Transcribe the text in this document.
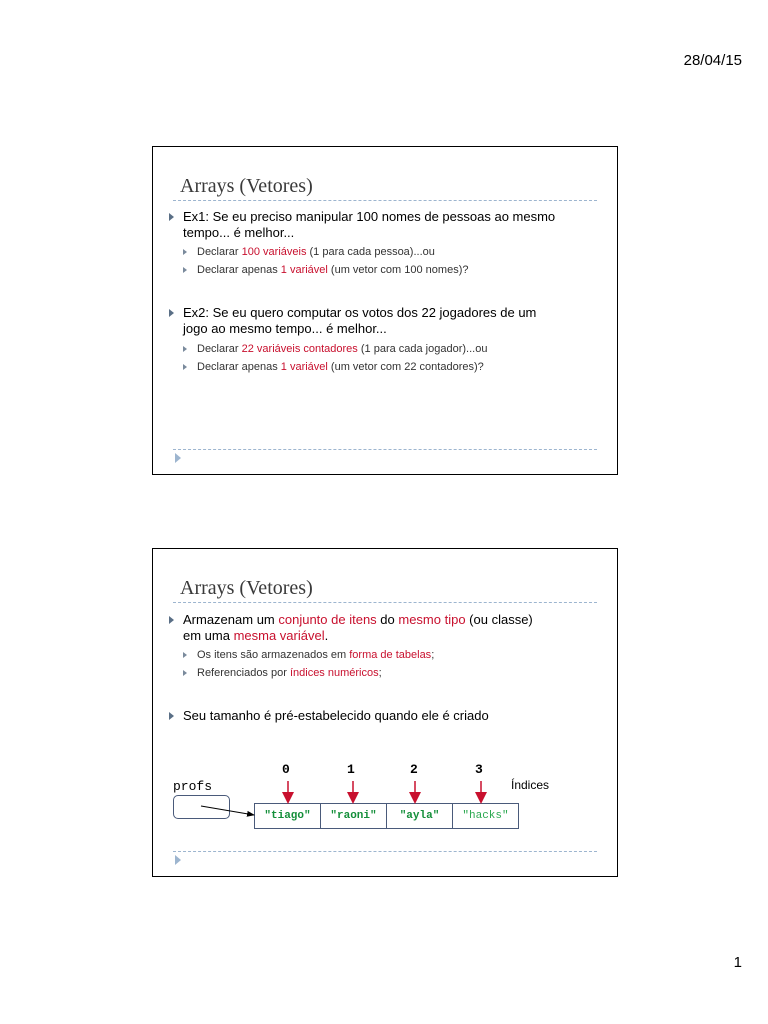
28/04/15
Arrays (Vetores)
Ex1: Se eu preciso manipular 100 nomes de pessoas ao mesmo
tempo... é melhor...
Declarar 100 variáveis (1 para cada pessoa)...ou
Declarar apenas 1 variável (um vetor com 100 nomes)?
Ex2: Se eu quero computar os votos dos 22 jogadores de um
jogo ao mesmo tempo... é melhor...
Declarar 22 variáveis contadores (1 para cada jogador)...ou
Declarar apenas 1 variável (um vetor com 22 contadores)?
Arrays (Vetores)
Armazenam um conjunto de itens do mesmo tipo (ou classe)
em uma mesma variável.
Os itens são armazenados em forma de tabelas;
Referenciados por índices numéricos;
Seu tamanho é pré-estabelecido quando ele é criado
0	1	2	3
Índices
profs
"tiago"	"raoni"	"ayla"	"hacks"
1
